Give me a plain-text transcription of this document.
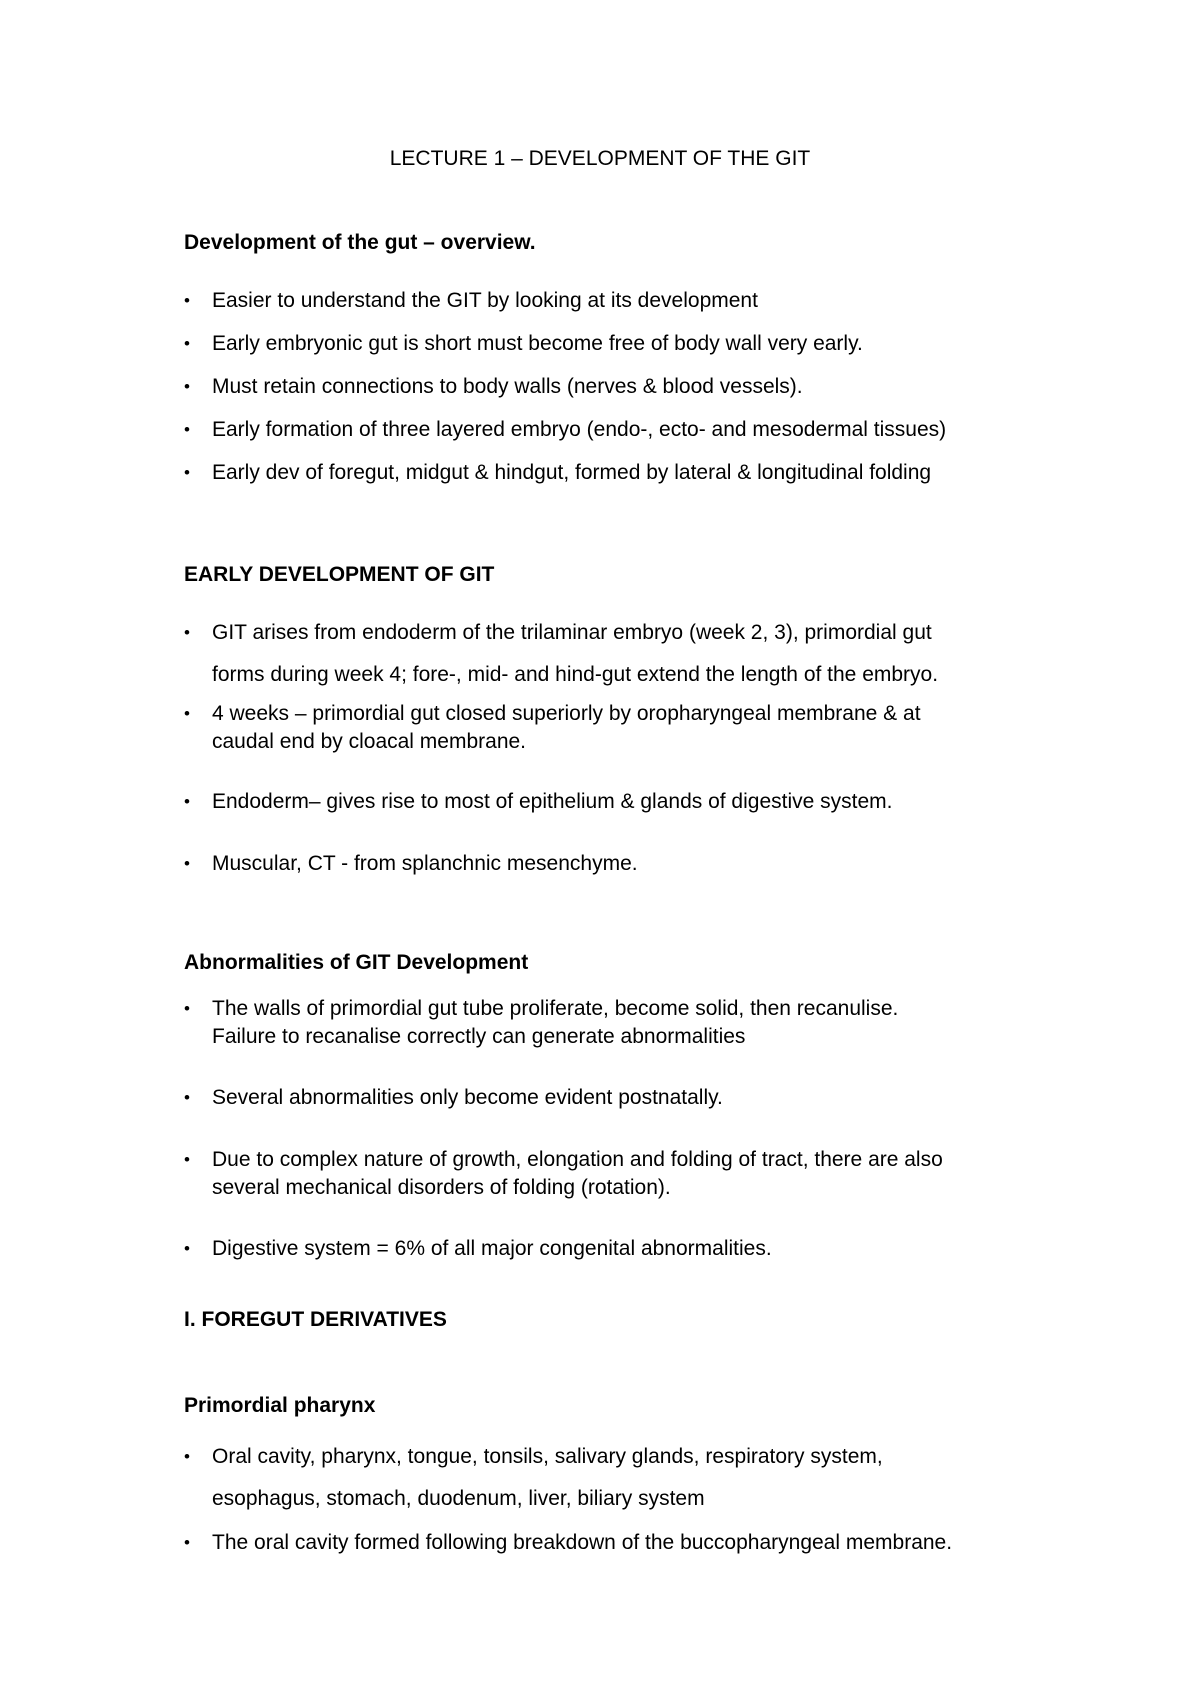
LECTURE 1 – DEVELOPMENT OF THE GIT
Development of the gut – overview.
• Easier to understand the GIT by looking at its development
• Early embryonic gut is short must become free of body wall very early.
• Must retain connections to body walls (nerves & blood vessels).
• Early formation of three layered embryo (endo-, ecto- and mesodermal tissues)
• Early dev of foregut, midgut & hindgut, formed by lateral & longitudinal folding
EARLY DEVELOPMENT OF GIT
• GIT arises from endoderm of the trilaminar embryo (week 2, 3), primordial gut
forms during week 4; fore-, mid- and hind-gut extend the length of the embryo.
• 4 weeks – primordial gut closed superiorly by oropharyngeal membrane & at
caudal end by cloacal membrane.
• Endoderm– gives rise to most of epithelium & glands of digestive system.
• Muscular, CT - from splanchnic mesenchyme.
Abnormalities of GIT Development
• The walls of primordial gut tube proliferate, become solid, then recanulise.
Failure to recanalise correctly can generate abnormalities
• Several abnormalities only become evident postnatally.
• Due to complex nature of growth, elongation and folding of tract, there are also
several mechanical disorders of folding (rotation).
• Digestive system = 6% of all major congenital abnormalities.
I. FOREGUT DERIVATIVES
Primordial pharynx
• Oral cavity, pharynx, tongue, tonsils, salivary glands, respiratory system,
esophagus, stomach, duodenum, liver, biliary system
• The oral cavity formed following breakdown of the buccopharyngeal membrane.
